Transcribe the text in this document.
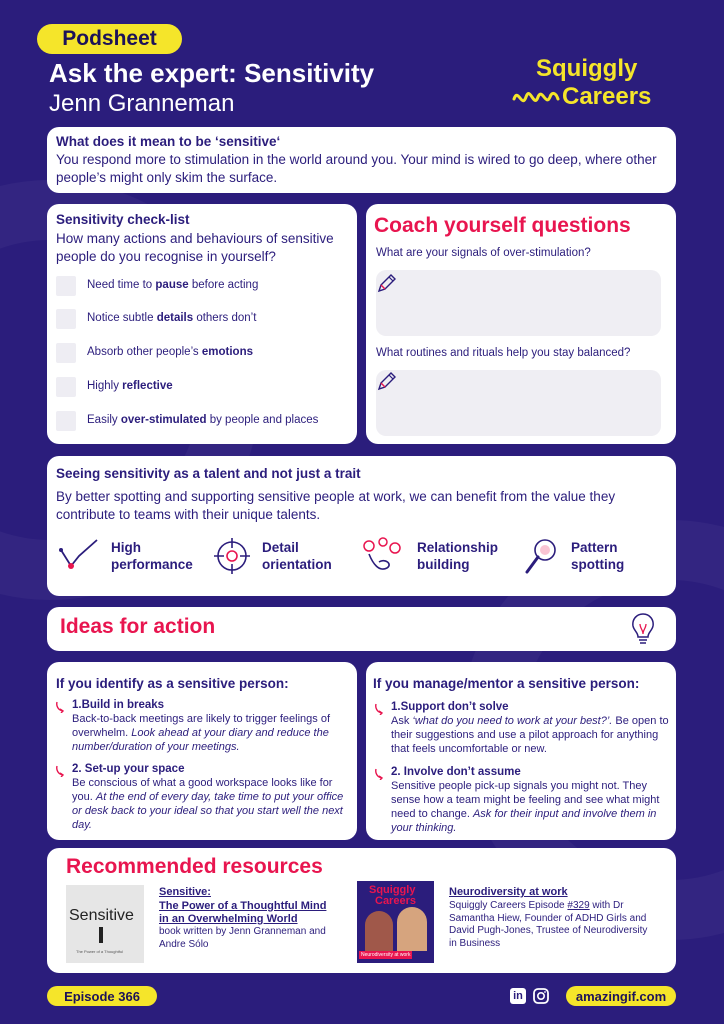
Podsheet
Ask the expert: Sensitivity
Jenn Granneman
Squiggly
Careers
What does it mean to be ‘sensitive‘
You respond more to stimulation in the world around you. Your mind is wired to go deep, where other people’s might only skim the surface.
Sensitivity check-list
How many actions and behaviours of sensitive people do you recognise in yourself?
Need time to pause before acting
Notice subtle details others don’t
Absorb other people’s emotions
Highly reflective
Easily over-stimulated by people and places
Coach yourself questions
What are your signals of over-stimulation?
What routines and rituals help you stay balanced?
Seeing sensitivity as a talent and not just a trait
By better spotting and supporting sensitive people at work, we can benefit from the value they contribute to teams with their unique talents.
High
performance
Detail
orientation
Relationship
building
Pattern
spotting
Ideas for action
If you identify as a sensitive person:
1.Build in breaks
Back-to-back meetings are likely to trigger feelings of overwhelm. Look ahead at your diary and reduce the number/duration of your meetings.
2. Set-up your space
Be conscious of what a good workspace looks like for you. At the end of every day, take time to put your office or desk back to your ideal so that you start well the next day.
If you manage/mentor a sensitive person:
1.Support don’t solve
Ask ‘what do you need to work at your best?’. Be open to their suggestions and use a pilot approach for anything that feels uncomfortable or new.
2. Involve don’t assume
Sensitive people pick-up signals you might not. They sense how a team might be feeling and see what might need to change. Ask for their input and involve them in your thinking.
Recommended resources
Sensitive
The Power of a Thoughtful
Sensitive:
The Power of a Thoughtful Mind
in an Overwhelming World
book written by Jenn Granneman and Andre Sólo
Squiggly
Careers
Neurodiversity at work
Neurodiversity at work
Squiggly Careers Episode #329 with Dr Samantha Hiew, Founder of ADHD Girls and David Pugh-Jones, Trustee of Neurodiversity in Business
Episode 366	in	amazingif.com
